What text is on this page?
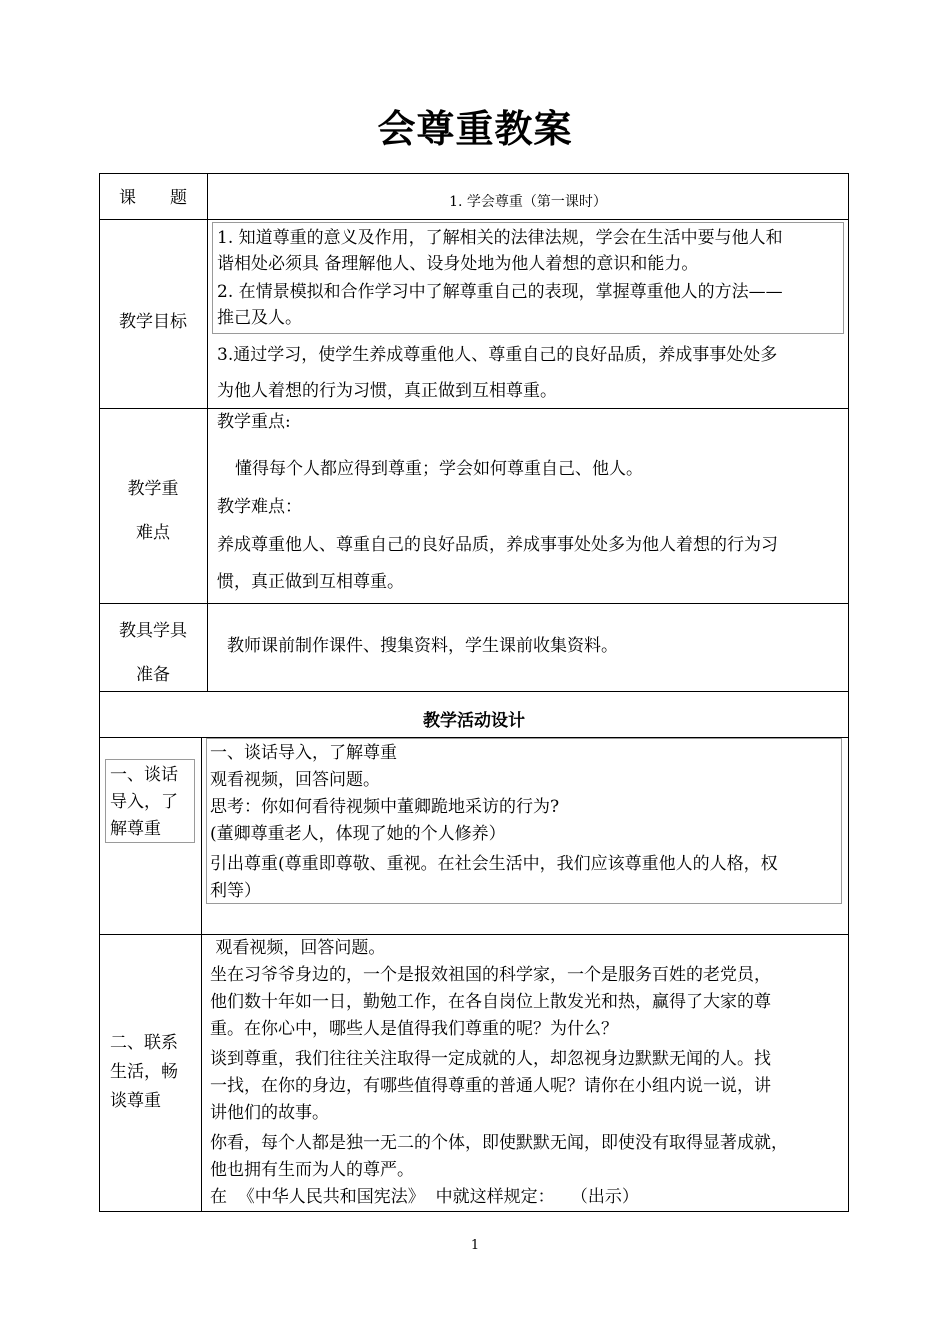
会尊重教案
课　　题	1. 学会尊重（第一课时）
教学目标
1. 知道尊重的意义及作用，了解相关的法律法规，学会在生活中要与他人和
谐相处必须具 备理解他人、设身处地为他人着想的意识和能力。
2. 在情景模拟和合作学习中了解尊重自己的表现，掌握尊重他人的方法——
推己及人。
3.通过学习，使学生养成尊重他人、尊重自己的良好品质，养成事事处处多
为他人着想的行为习惯，真正做到互相尊重。
教学重
难点
教学重点:
懂得每个人都应得到尊重；学会如何尊重自己、他人。
教学难点：
养成尊重他人、尊重自己的良好品质，养成事事处处多为他人着想的行为习
惯，真正做到互相尊重。
教具学具
准备
教师课前制作课件、搜集资料，学生课前收集资料。
教学活动设计
一、谈话
导入，了
解尊重
一、谈话导入，了解尊重
观看视频，回答问题。
思考：你如何看待视频中董卿跪地采访的行为?
(董卿尊重老人，体现了她的个人修养）
引出尊重(尊重即尊敬、重视。在社会生活中，我们应该尊重他人的人格，权
利等）
二、联系
生活，畅
谈尊重
观看视频，回答问题。
坐在习爷爷身边的，一个是报效祖国的科学家，一个是服务百姓的老党员，
他们数十年如一日，勤勉工作，在各自岗位上散发光和热，赢得了大家的尊
重。在你心中，哪些人是值得我们尊重的呢？为什么？
谈到尊重，我们往往关注取得一定成就的人，却忽视身边默默无闻的人。找
一找，在你的身边，有哪些值得尊重的普通人呢？请你在小组内说一说，讲
讲他们的故事。
你看，每个人都是独一无二的个体，即使默默无闻，即使没有取得显著成就，
他也拥有生而为人的尊严。
在  《中华人民共和国宪法》  中就这样规定：   （出示）
1
